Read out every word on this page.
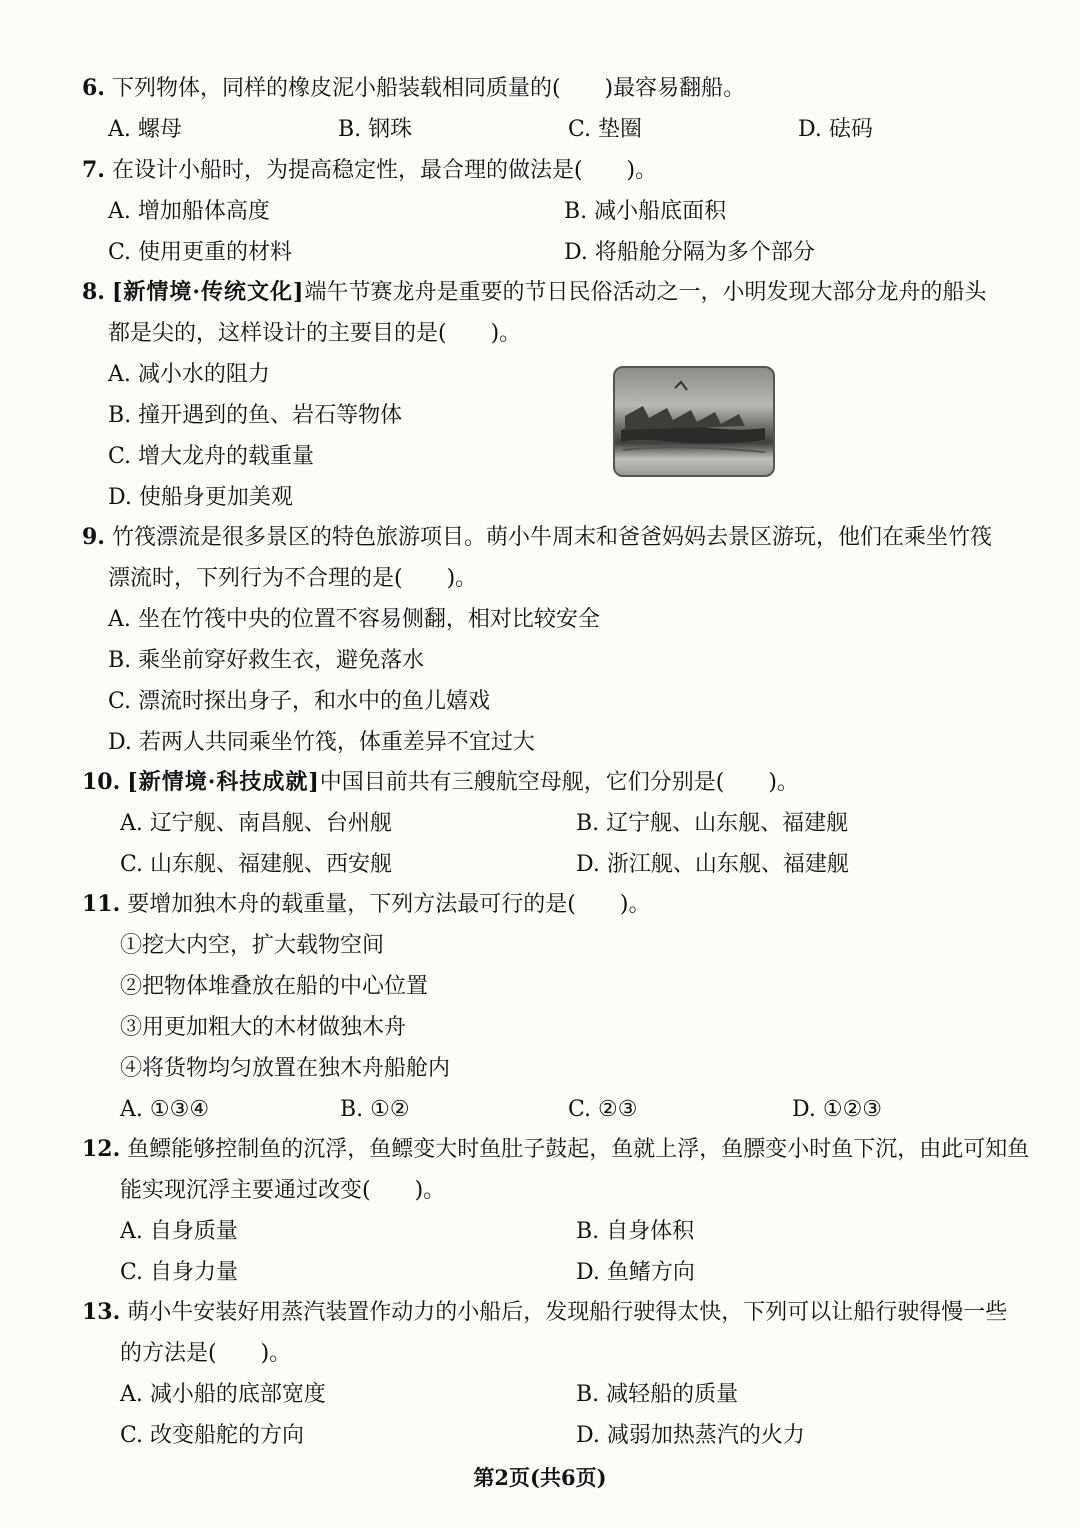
6. 下列物体，同样的橡皮泥小船装载相同质量的(　　)最容易翻船。
A. 螺母	B. 钢珠	C. 垫圈	D. 砝码
7. 在设计小船时，为提高稳定性，最合理的做法是(　　)。
A. 增加船体高度	B. 减小船底面积
C. 使用更重的材料	D. 将船舱分隔为多个部分
8. [新情境·传统文化]端午节赛龙舟是重要的节日民俗活动之一，小明发现大部分龙舟的船头
都是尖的，这样设计的主要目的是(　　)。
A. 减小水的阻力
B. 撞开遇到的鱼、岩石等物体
C. 增大龙舟的载重量
D. 使船身更加美观
9. 竹筏漂流是很多景区的特色旅游项目。萌小牛周末和爸爸妈妈去景区游玩，他们在乘坐竹筏
漂流时，下列行为不合理的是(　　)。
A. 坐在竹筏中央的位置不容易侧翻，相对比较安全
B. 乘坐前穿好救生衣，避免落水
C. 漂流时探出身子，和水中的鱼儿嬉戏
D. 若两人共同乘坐竹筏，体重差异不宜过大
10. [新情境·科技成就]中国目前共有三艘航空母舰，它们分别是(　　)。
A. 辽宁舰、南昌舰、台州舰	B. 辽宁舰、山东舰、福建舰
C. 山东舰、福建舰、西安舰	D. 浙江舰、山东舰、福建舰
11. 要增加独木舟的载重量，下列方法最可行的是(　　)。
①挖大内空，扩大载物空间
②把物体堆叠放在船的中心位置
③用更加粗大的木材做独木舟
④将货物均匀放置在独木舟船舱内
A. ①③④	B. ①②	C. ②③	D. ①②③
12. 鱼鳔能够控制鱼的沉浮，鱼鳔变大时鱼肚子鼓起，鱼就上浮，鱼膘变小时鱼下沉，由此可知鱼
能实现沉浮主要通过改变(　　)。
A. 自身质量	B. 自身体积
C. 自身力量	D. 鱼鳍方向
13. 萌小牛安装好用蒸汽装置作动力的小船后，发现船行驶得太快，下列可以让船行驶得慢一些
的方法是(　　)。
A. 减小船的底部宽度	B. 减轻船的质量
C. 改变船舵的方向	D. 减弱加热蒸汽的火力
第2页(共6页)
